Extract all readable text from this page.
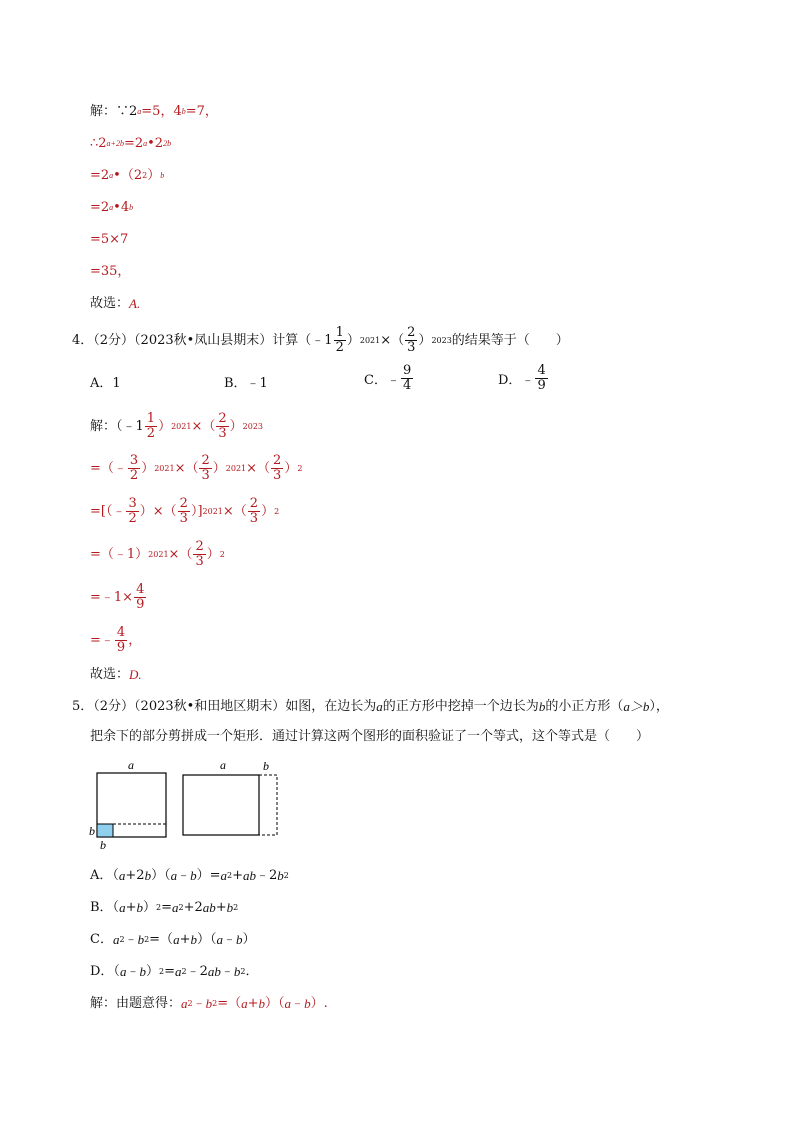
解：∵2 a =5，4 b =7，
∴2 a+2b =2 a •2 2b
=2 a •（2 2 ） b
=2 a •4 b
=5×7
=35，
故选： A.
4．（2分）（2023秋•凤山县期末）计算（﹣1 $\frac{1}{2}$ ） 2021 ×（ $\frac{2}{3}$ ） 2023 的结果等于（　　）
A．1	B．﹣1	C．﹣ $\frac{9}{4}$	D．﹣ $\frac{4}{9}$
解：（﹣1 $\frac{1}{2}$ ） 2021 ×（ $\frac{2}{3}$ ） 2023
=（﹣ $\frac{3}{2}$ ） 2021 ×（ $\frac{2}{3}$ ） 2021 ×（ $\frac{2}{3}$ ） 2
=[（﹣ $\frac{3}{2}$ ）×（ $\frac{2}{3}$ ）] 2021 ×（ $\frac{2}{3}$ ） 2
=（﹣1） 2021 ×（ $\frac{2}{3}$ ） 2
=﹣1× $\frac{4}{9}$
=﹣ $\frac{4}{9}$ ，
故选： D.
5．（2分）（2023秋•和田地区期末）如图，在边长为 a 的正方形中挖掉一个边长为 b 的小正方形（ a＞b ），
把余下的部分剪拼成一个矩形．通过计算这两个图形的面积验证了一个等式，这个等式是（　　）
a
b
b
a	b
A．（ a +2 b ）（ a ﹣ b ）= a 2 + ab ﹣2 b 2
B．（ a + b ） 2 = a 2 +2 ab + b 2
C． a 2 ﹣ b 2 =（ a + b ）（ a ﹣ b ）
D．（ a ﹣ b ） 2 = a 2 ﹣2 ab ﹣ b 2 ．
解：由题意得： a 2 ﹣ b 2 =（ a + b ）（ a ﹣ b ）.
